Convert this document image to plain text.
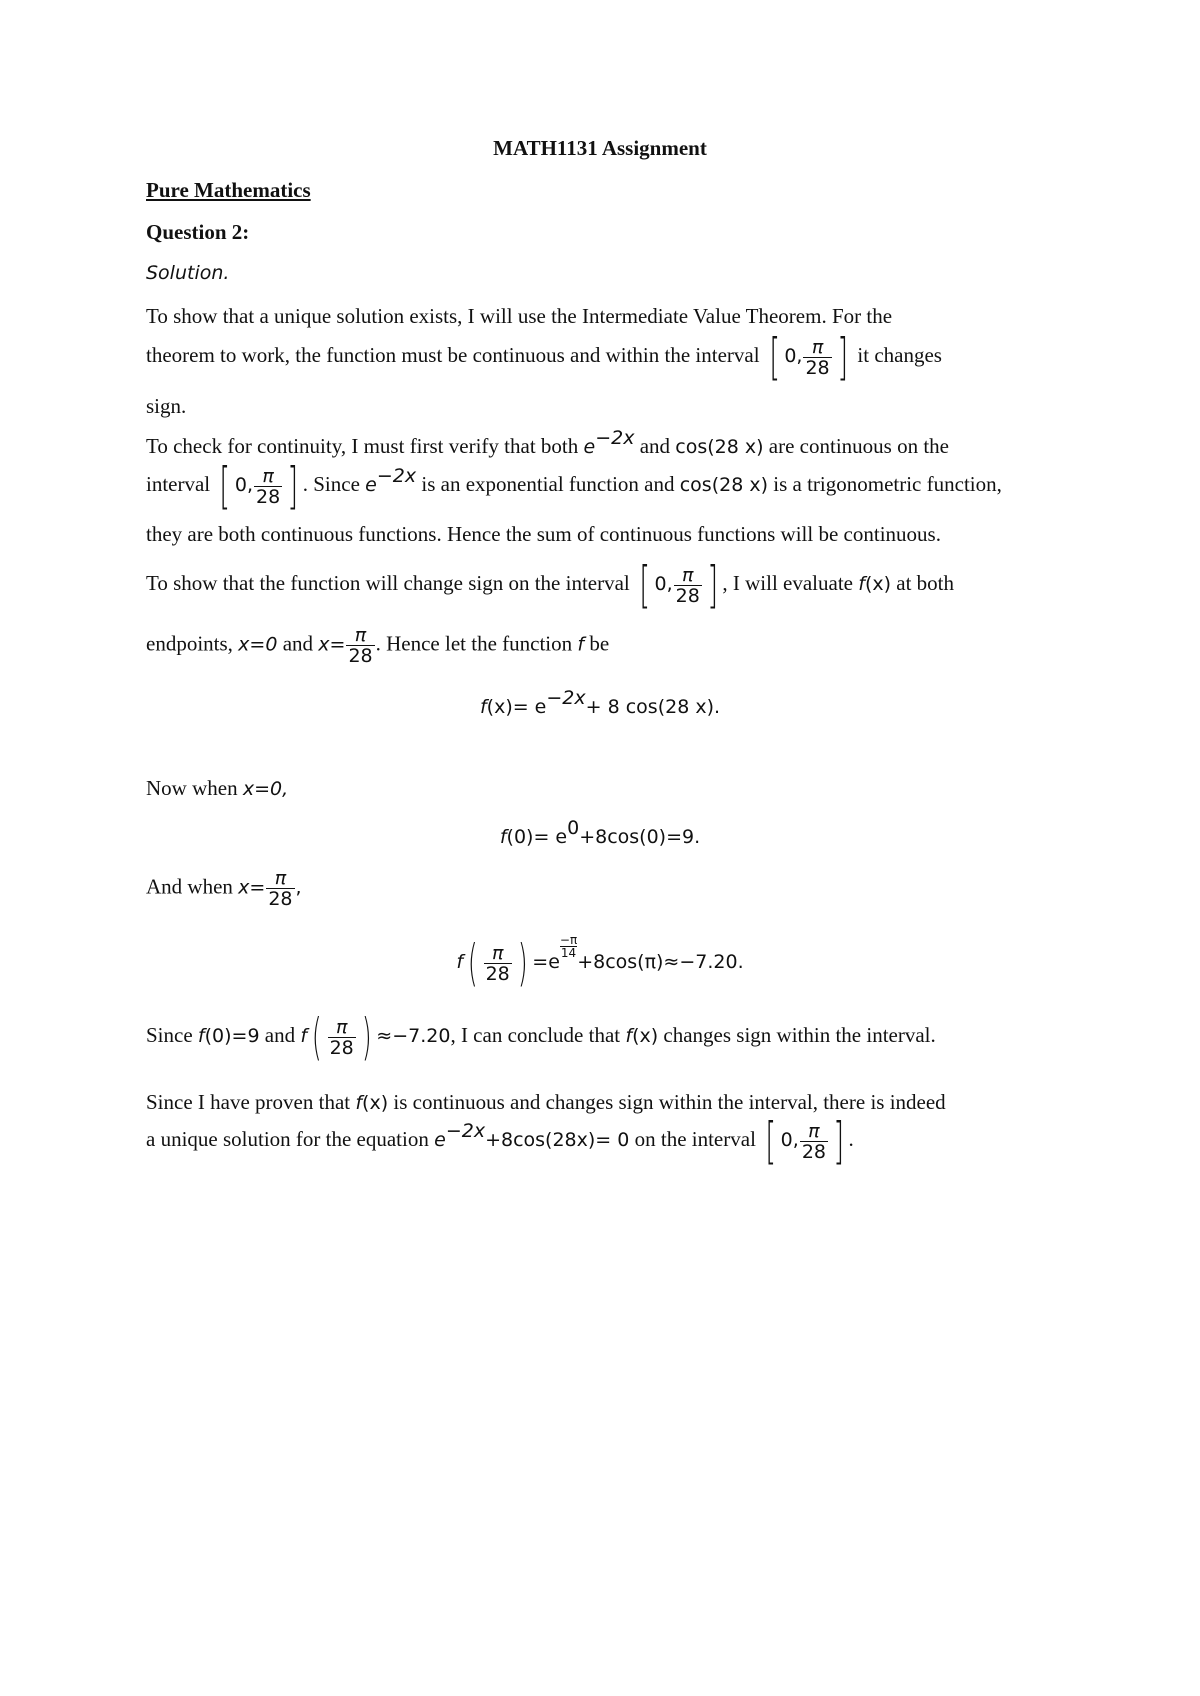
MATH1131 Assignment
Pure Mathematics
Question 2:
Solution.
To show that a unique solution exists, I will use the Intermediate Value Theorem. For the
theorem to work, the function must be continuous and within the interval [ 0, $\frac{\pi}{28}$ ] it changes
sign.
To check for continuity, I must first verify that both $e^{-2x}$ and cos(28 x) are continuous on the
interval [ 0, $\frac{\pi}{28}$ ] . Since $e^{-2x}$ is an exponential function and cos(28 x) is a trigonometric function,
they are both continuous functions. Hence the sum of continuous functions will be continuous.
To show that the function will change sign on the interval [ 0, $\frac{\pi}{28}$ ] , I will evaluate f(x) at both
endpoints, x=0 and $x= \frac{\pi}{28}$ . Hence let the function f be
$f(x)= e^{-2x}+ 8$ cos(28 x).
Now when x=0,
$f(0)= e^0+8\cos(0)=9$.
And when $x= \frac{\pi}{28}$ ,
$f( \frac{\pi}{28}$ ) =e
$\frac{-\pi}{14}$
+8cos(π)≈−7.20.
Since f(0)=9 and $f( \frac{\pi}{28}$ ) ≈−7.20, I can conclude that f(x) changes sign within the interval.
Since I have proven that f(x) is continuous and changes sign within the interval, there is indeed
a unique solution for the equation $e^{-2x}+8\cos(28x)= 0$ on the interval [ 0, $\frac{\pi}{28}$ ] .
